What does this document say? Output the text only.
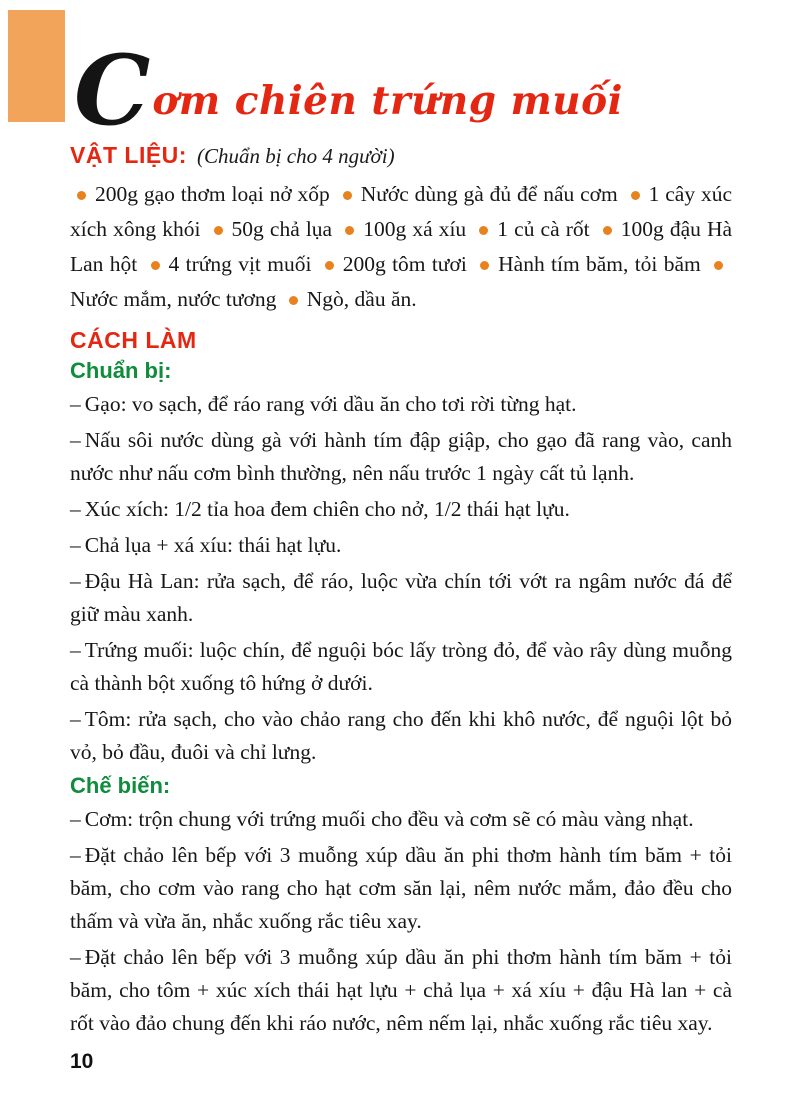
C ơm chiên trứng muối
VẬT LIỆU: (Chuẩn bị cho 4 người)

200g gạo thơm loại nở xốp Nước dùng gà đủ để nấu cơm 1 cây xúc xích xông khói 50g chả lụa 100g xá xíu 1 củ cà rốt 100g đậu Hà Lan hột 4 trứng vịt muối 200g tôm tươi Hành tím băm, tỏi băm Nước mắm, nước tương Ngò, dầu ăn.

CÁCH LÀM
Chuẩn bị:

– Gạo: vo sạch, để ráo rang với dầu ăn cho tơi rời từng hạt.

– Nấu sôi nước dùng gà với hành tím đập giập, cho gạo đã rang vào, canh nước như nấu cơm bình thường, nên nấu trước 1 ngày cất tủ lạnh.

– Xúc xích: 1/2 tỉa hoa đem chiên cho nở, 1/2 thái hạt lựu.

– Chả lụa + xá xíu: thái hạt lựu.

– Đậu Hà Lan: rửa sạch, để ráo, luộc vừa chín tới vớt ra ngâm nước đá để giữ màu xanh.

– Trứng muối: luộc chín, để nguội bóc lấy tròng đỏ, để vào rây dùng muỗng cà thành bột xuống tô hứng ở dưới.

– Tôm: rửa sạch, cho vào chảo rang cho đến khi khô nước, để nguội lột bỏ vỏ, bỏ đầu, đuôi và chỉ lưng.

Chế biến:

– Cơm: trộn chung với trứng muối cho đều và cơm sẽ có màu vàng nhạt.

– Đặt chảo lên bếp với 3 muỗng xúp dầu ăn phi thơm hành tím băm + tỏi băm, cho cơm vào rang cho hạt cơm săn lại, nêm nước mắm, đảo đều cho thấm và vừa ăn, nhắc xuống rắc tiêu xay.

– Đặt chảo lên bếp với 3 muỗng xúp dầu ăn phi thơm hành tím băm + tỏi băm, cho tôm + xúc xích thái hạt lựu + chả lụa + xá xíu + đậu Hà lan + cà rốt vào đảo chung đến khi ráo nước, nêm nếm lại, nhắc xuống rắc tiêu xay.

10
